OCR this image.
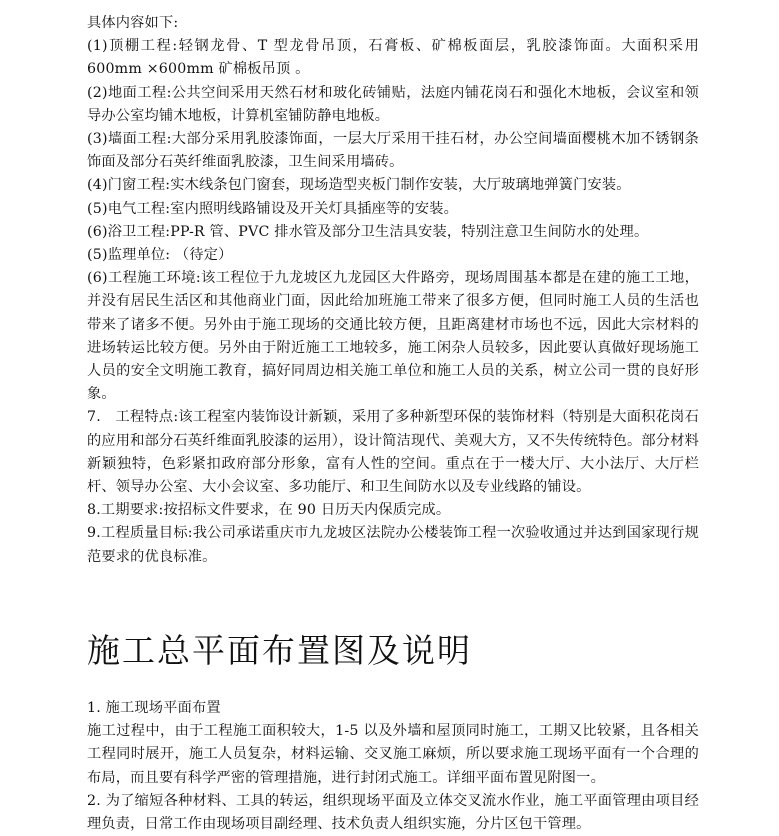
具体内容如下:

(1)顶棚工程:轻钢龙骨、T 型龙骨吊顶，石膏板、矿棉板面层，乳胶漆饰面。大面积采用 600mm ×600mm 矿棉板吊顶 。

(2)地面工程:公共空间采用天然石材和玻化砖铺贴，法庭内铺花岗石和强化木地板，会议室和领导办公室均铺木地板，计算机室铺防静电地板。

(3)墙面工程:大部分采用乳胶漆饰面，一层大厅采用干挂石材，办公空间墙面樱桃木加不锈钢条饰面及部分石英纤维面乳胶漆，卫生间采用墙砖。

(4)门窗工程:实木线条包门窗套，现场造型夹板门制作安装，大厅玻璃地弹簧门安装。

(5)电气工程:室内照明线路铺设及开关灯具插座等的安装。

(6)浴卫工程:PP-R 管、PVC 排水管及部分卫生洁具安装，特别注意卫生间防水的处理。

(5)监理单位: （待定）

(6)工程施工环境:该工程位于九龙坡区九龙园区大件路旁，现场周围基本都是在建的施工工地，并没有居民生活区和其他商业门面，因此给加班施工带来了很多方便，但同时施工人员的生活也带来了诸多不便。另外由于施工现场的交通比较方便，且距离建材市场也不远，因此大宗材料的进场转运比较方便。另外由于附近施工工地较多，施工闲杂人员较多，因此要认真做好现场施工人员的安全文明施工教育，搞好同周边相关施工单位和施工人员的关系，树立公司一贯的良好形象。

7.　工程特点:该工程室内装饰设计新颖，采用了多种新型环保的装饰材料（特别是大面积花岗石的应用和部分石英纤维面乳胶漆的运用），设计简洁现代、美观大方，又不失传统特色。部分材料新颖独特，色彩紧扣政府部分形象，富有人性的空间。重点在于一楼大厅、大小法厅、大厅栏杆、领导办公室、大小会议室、多功能厅、和卫生间防水以及专业线路的铺设。

8.工期要求:按招标文件要求，在 90 日历天内保质完成。

9.工程质量目标:我公司承诺重庆市九龙坡区法院办公楼装饰工程一次验收通过并达到国家现行规范要求的优良标准。

施工总平面布置图及说明

1. 施工现场平面布置

施工过程中，由于工程施工面积较大，1-5 以及外墙和屋顶同时施工，工期又比较紧，且各相关工程同时展开，施工人员复杂，材料运输、交叉施工麻烦，所以要求施工现场平面有一个合理的布局，而且要有科学严密的管理措施，进行封闭式施工。详细平面布置见附图一。

2. 为了缩短各种材料、工具的转运，组织现场平面及立体交叉流水作业，施工平面管理由项目经理负责，日常工作由现场项目副经理、技术负责人组织实施，分片区包干管理。
